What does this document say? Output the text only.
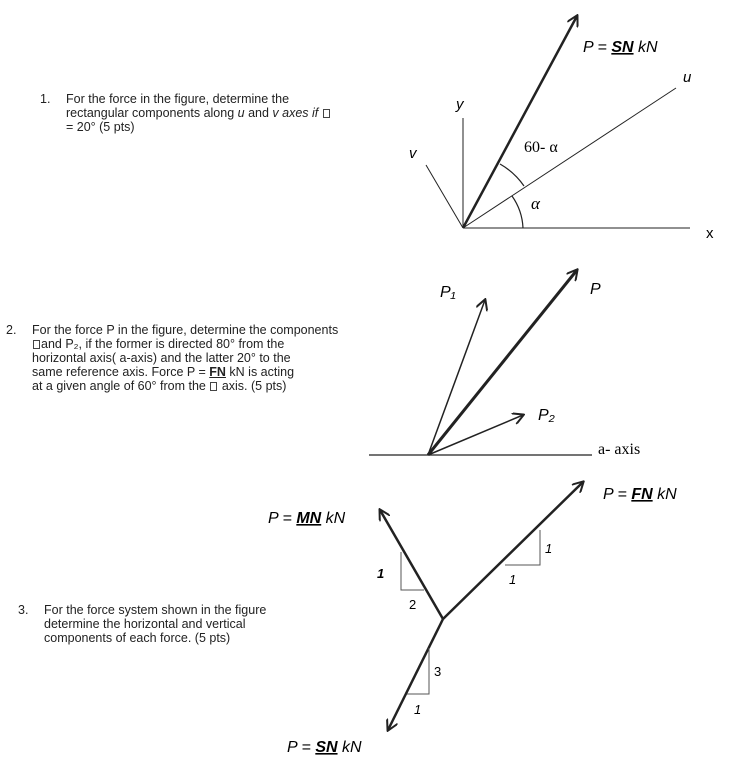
1. For the force in the figure, determine the
rectangular components along u and v axes if
= 20° (5 pts)
2. For the force P in the figure, determine the components
and P₂, if the former is directed 80° from the
horizontal axis( a-axis) and the latter 20° to the
same reference axis. Force P = FN kN is acting
at a given angle of 60° from the  axis. (5 pts)
3. For the force system shown in the figure
determine the horizontal and vertical
components of each force. (5 pts)
P = SN kN
u
y
v
x
60- α
α
P₁	P
P₂
a- axis
1
1
1
2
3
1
P = FN kN
P = MN kN
P = SN kN
